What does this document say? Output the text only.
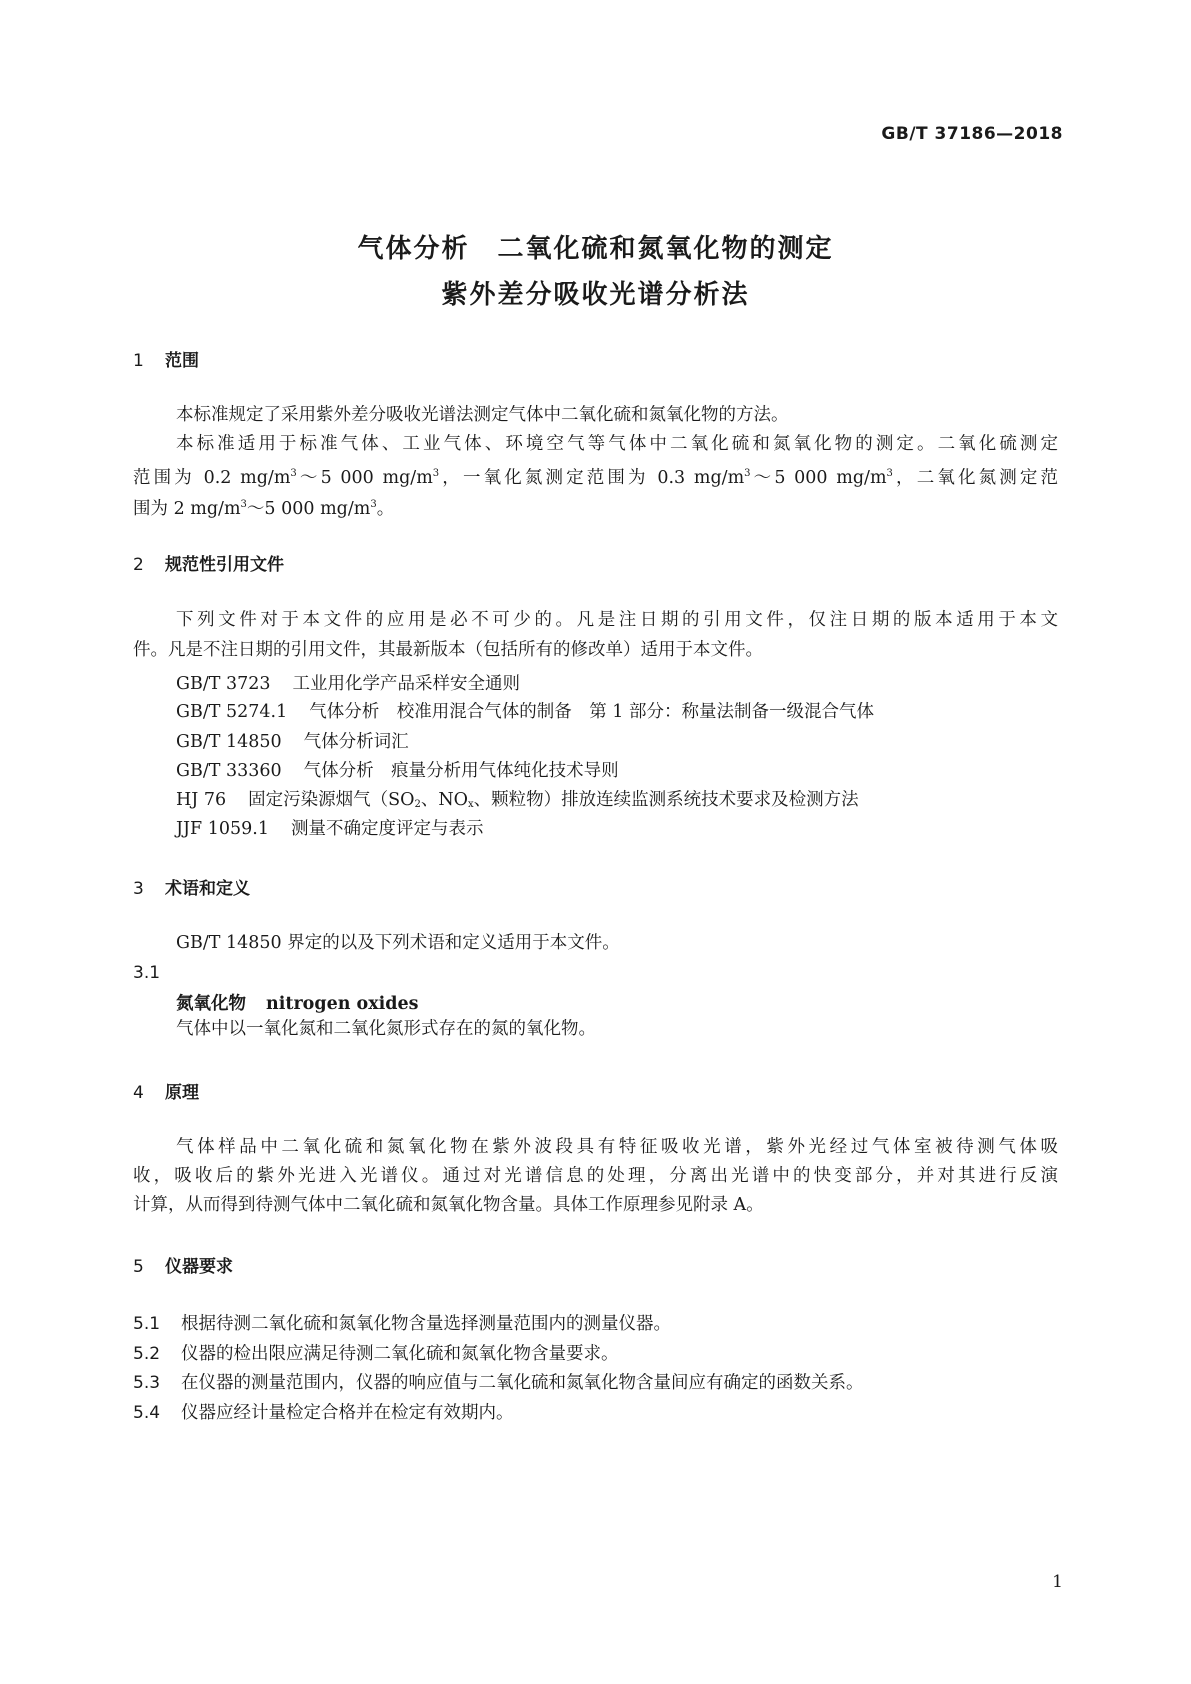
GB/T 37186—2018
气体分析　二氧化硫和氮氧化物的测定
紫外差分吸收光谱分析法
1 范围
本标准规定了采用紫外差分吸收光谱法测定气体中二氧化硫和氮氧化物的方法。
本标准适用于标准气体、工业气体、环境空气等气体中二氧化硫和氮氧化物的测定。二氧化硫测定
范围为 0.2 $mg/m^3\sim 5$ 000 $mg/m^3$，一氧化氮测定范围为 0.3 $mg/m^3\sim 5$ 000 $mg/m^3$，二氧化氮测定范
围为 2 $mg/m^3\sim 5$ 000 $mg/m^3$。
2 规范性引用文件
下列文件对于本文件的应用是必不可少的。凡是注日期的引用文件，仅注日期的版本适用于本文
件。凡是不注日期的引用文件，其最新版本（包括所有的修改单）适用于本文件。
GB/T 3723 工业用化学产品采样安全通则
GB/T 5274.1 气体分析　校准用混合气体的制备　第 1 部分：称量法制备一级混合气体
GB/T 14850 气体分析词汇
GB/T 33360 气体分析　痕量分析用气体纯化技术导则
HJ 76 固定污染源烟气（$SO_2$、$NO_x$、颗粒物）排放连续监测系统技术要求及检测方法
JJF 1059.1 测量不确定度评定与表示
3 术语和定义
GB/T 14850 界定的以及下列术语和定义适用于本文件。
3.1
氮氧化物 nitrogen oxides
气体中以一氧化氮和二氧化氮形式存在的氮的氧化物。
4 原理
气体样品中二氧化硫和氮氧化物在紫外波段具有特征吸收光谱，紫外光经过气体室被待测气体吸
收，吸收后的紫外光进入光谱仪。通过对光谱信息的处理，分离出光谱中的快变部分，并对其进行反演
计算，从而得到待测气体中二氧化硫和氮氧化物含量。具体工作原理参见附录 A。
5 仪器要求
5.1 根据待测二氧化硫和氮氧化物含量选择测量范围内的测量仪器。
5.2 仪器的检出限应满足待测二氧化硫和氮氧化物含量要求。
5.3 在仪器的测量范围内，仪器的响应值与二氧化硫和氮氧化物含量间应有确定的函数关系。
5.4 仪器应经计量检定合格并在检定有效期内。
1
